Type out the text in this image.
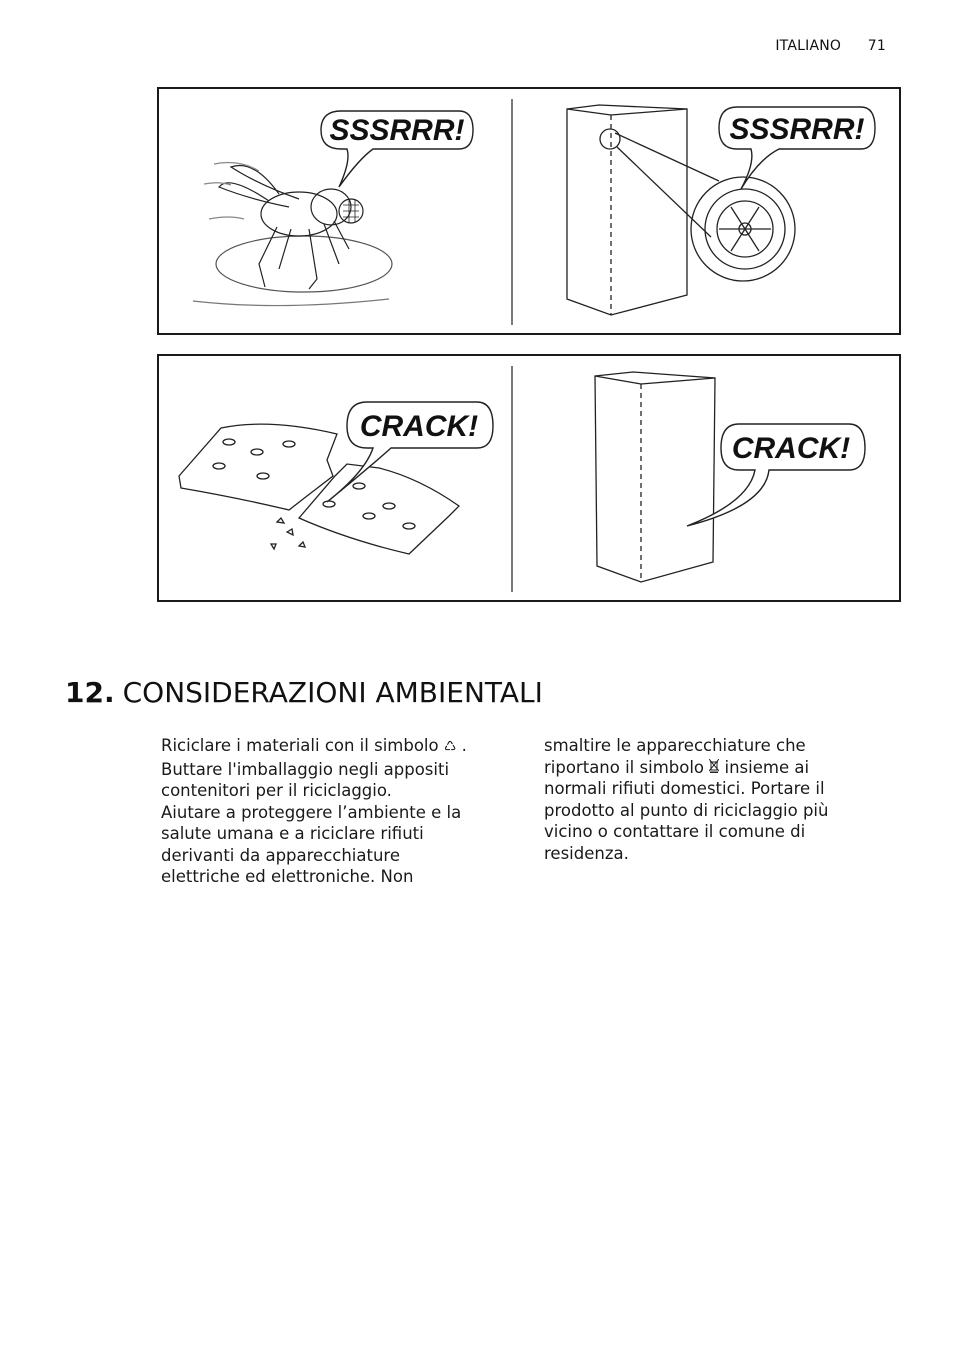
ITALIANO 71
SSSRRR!	SSSRRR!
CRACK!
CRACK!
12. CONSIDERAZIONI AMBIENTALI

Riciclare i materiali con il simbolo ♺ . Buttare l'imballaggio negli appositi contenitori per il riciclaggio.

Aiutare a proteggere l’ambiente e la salute umana e a riciclare rifiuti derivanti da apparecchiature elettriche ed elettroniche. Non

smaltire le apparecchiature che riportano il simbolo insieme ai normali rifiuti domestici. Portare il prodotto al punto di riciclaggio più vicino o contattare il comune di residenza.
